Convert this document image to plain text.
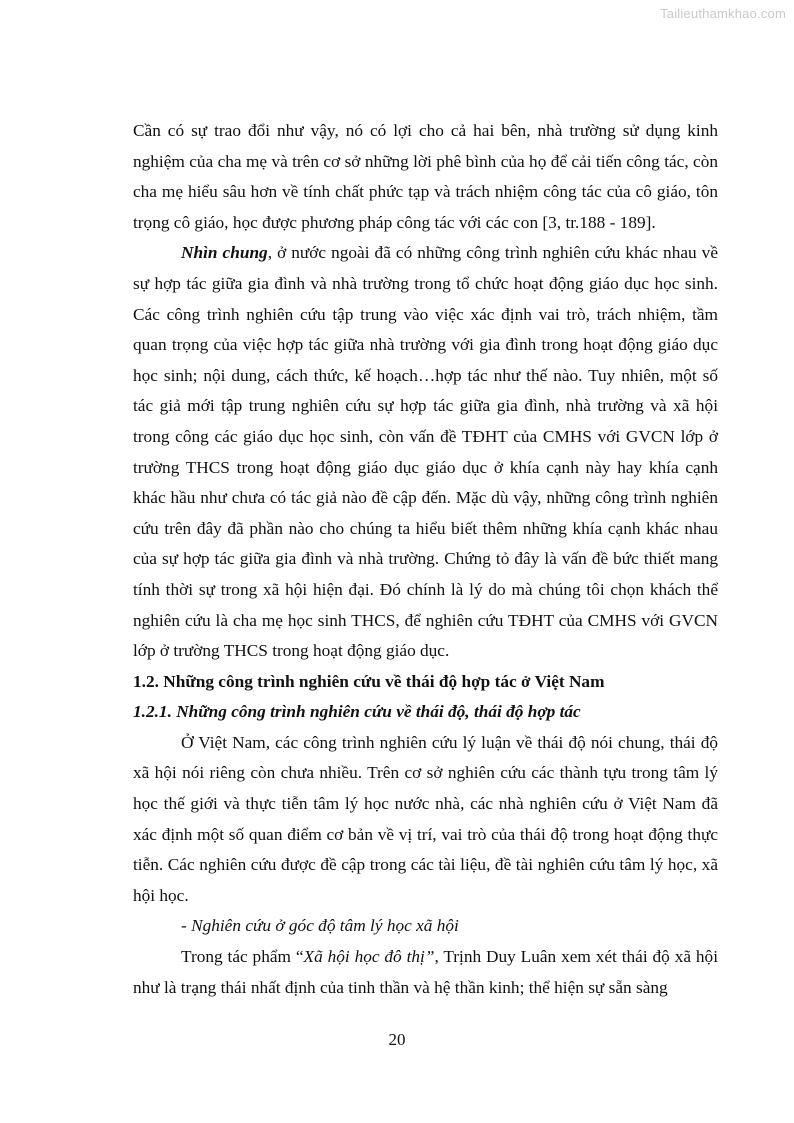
Tailieuthamkhao.com

Cần có sự trao đổi như vậy, nó có lợi cho cả hai bên, nhà trường sử dụng kinh nghiệm của cha mẹ và trên cơ sở những lời phê bình của họ để cải tiến công tác, còn cha mẹ hiểu sâu hơn về tính chất phức tạp và trách nhiệm công tác của cô giáo, tôn trọng cô giáo, học được phương pháp công tác với các con [3, tr.188 - 189].

Nhìn chung, ở nước ngoài đã có những công trình nghiên cứu khác nhau về sự hợp tác giữa gia đình và nhà trường trong tổ chức hoạt động giáo dục học sinh. Các công trình nghiên cứu tập trung vào việc xác định vai trò, trách nhiệm, tầm quan trọng của việc hợp tác giữa nhà trường với gia đình trong hoạt động giáo dục học sinh; nội dung, cách thức, kế hoạch…hợp tác như thế nào. Tuy nhiên, một số tác giả mới tập trung nghiên cứu sự hợp tác giữa gia đình, nhà trường và xã hội trong công các giáo dục học sinh, còn vấn đề TĐHT của CMHS với GVCN lớp ở trường THCS trong hoạt động giáo dục giáo dục ở khía cạnh này hay khía cạnh khác hầu như chưa có tác giả nào đề cập đến. Mặc dù vậy, những công trình nghiên cứu trên đây đã phần nào cho chúng ta hiểu biết thêm những khía cạnh khác nhau của sự hợp tác giữa gia đình và nhà trường. Chứng tỏ đây là vấn đề bức thiết mang tính thời sự trong xã hội hiện đại. Đó chính là lý do mà chúng tôi chọn khách thể nghiên cứu là cha mẹ học sinh THCS, để nghiên cứu TĐHT của CMHS với GVCN lớp ở trường THCS trong hoạt động giáo dục.

1.2. Những công trình nghiên cứu về thái độ hợp tác ở Việt Nam

1.2.1. Những công trình nghiên cứu về thái độ, thái độ hợp tác

Ở Việt Nam, các công trình nghiên cứu lý luận về thái độ nói chung, thái độ xã hội nói riêng còn chưa nhiều. Trên cơ sở nghiên cứu các thành tựu trong tâm lý học thế giới và thực tiễn tâm lý học nước nhà, các nhà nghiên cứu ở Việt Nam đã xác định một số quan điểm cơ bản về vị trí, vai trò của thái độ trong hoạt động thực tiễn. Các nghiên cứu được đề cập trong các tài liệu, đề tài nghiên cứu tâm lý học, xã hội học.

- Nghiên cứu ở góc độ tâm lý học xã hội

Trong tác phẩm “Xã hội học đô thị”, Trịnh Duy Luân xem xét thái độ xã hội như là trạng thái nhất định của tinh thần và hệ thần kinh; thể hiện sự sẵn sàng

20
